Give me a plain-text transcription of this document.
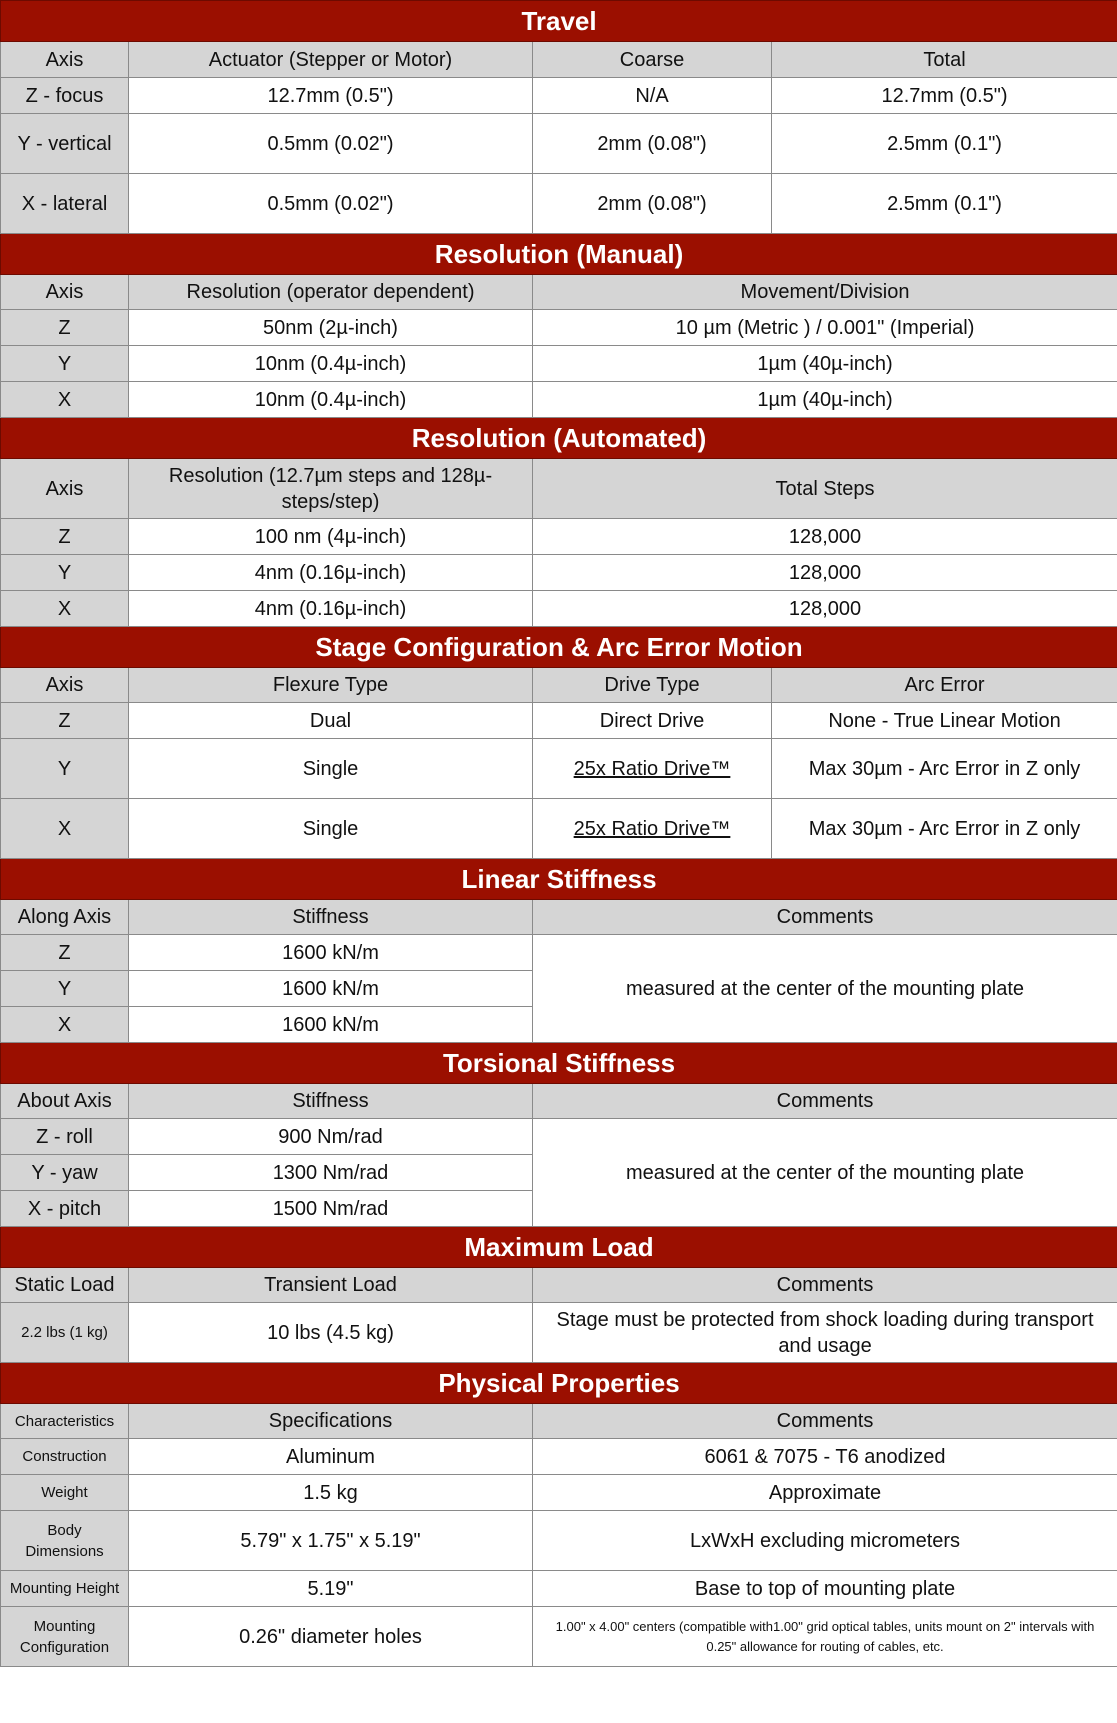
Travel			
Axis	Actuator (Stepper or Motor)	Coarse	Total
Z - focus	12.7mm (0.5")	N/A	12.7mm (0.5")
Y - vertical	0.5mm (0.02")	2mm (0.08")	2.5mm (0.1")
X - lateral	0.5mm (0.02")	2mm (0.08")	2.5mm (0.1")
Resolution (Manual)			
Axis	Resolution (operator dependent)	Movement/Division	
Z	50nm (2µ-inch)	10 µm (Metric ) / 0.001" (Imperial)	
Y	10nm (0.4µ-inch)	1µm (40µ-inch)	
X	10nm (0.4µ-inch)	1µm (40µ-inch)	
Resolution (Automated)			
Axis	Resolution (12.7µm steps and 128µ-steps/step)	Total Steps	
Z	100 nm (4µ-inch)	128,000	
Y	4nm (0.16µ-inch)	128,000	
X	4nm (0.16µ-inch)	128,000	
Stage Configuration & Arc Error Motion			
Axis	Flexure Type	Drive Type	Arc Error
Z	Dual	Direct Drive	None - True Linear Motion
Y	Single	25x Ratio Drive™	Max 30µm - Arc Error in Z only
X	Single	25x Ratio Drive™	Max 30µm - Arc Error in Z only
Linear Stiffness			
Along Axis	Stiffness	Comments	
Z	1600 kN/m	measured at the center of the mounting plate	
Y	1600 kN/m		
X	1600 kN/m		
Torsional Stiffness			
About Axis	Stiffness	Comments	
Z - roll	900 Nm/rad	measured at the center of the mounting plate	
Y - yaw	1300 Nm/rad		
X - pitch	1500 Nm/rad		
Maximum Load			
Static Load	Transient Load	Comments	
2.2 lbs (1 kg)	10 lbs (4.5 kg)	Stage must be protected from shock loading during transport and usage	
Physical Properties			
Characteristics	Specifications	Comments	
Construction	Aluminum	6061 & 7075 - T6 anodized	
Weight	1.5 kg	Approximate	
Body Dimensions	5.79" x 1.75" x 5.19"	LxWxH excluding micrometers	
Mounting Height	5.19"	Base to top of mounting plate	
Mounting Configuration	0.26" diameter holes	1.00" x 4.00" centers (compatible with1.00" grid optical tables, units mount on 2" intervals with 0.25" allowance for routing of cables, etc.	
